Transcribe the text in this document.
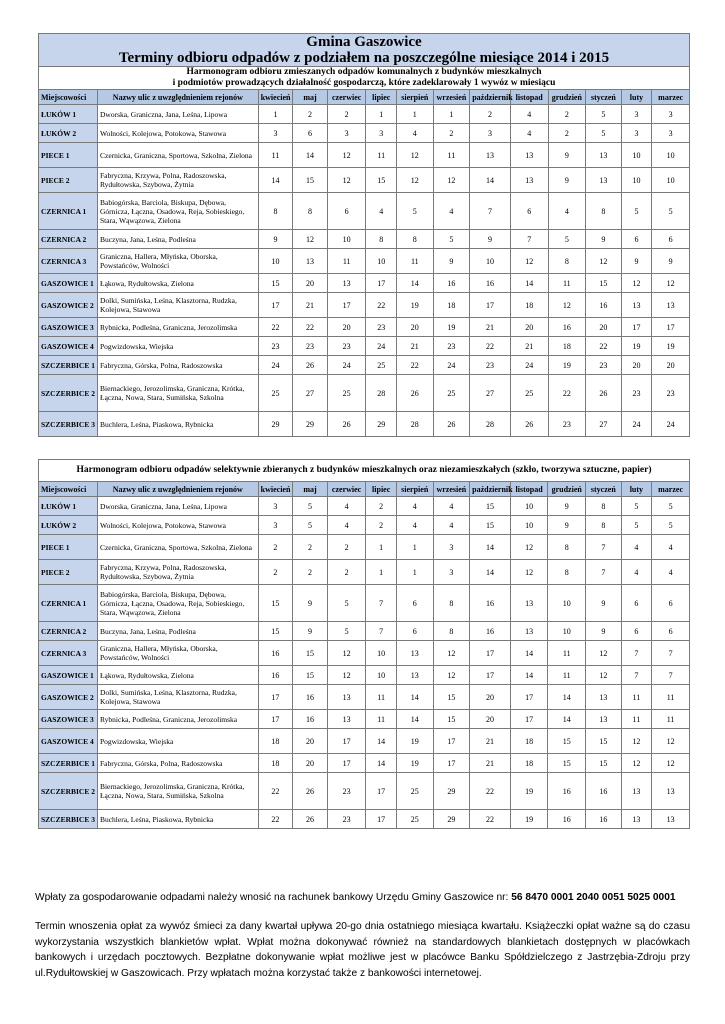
Gmina Gaszowice
Terminy odbioru odpadów z podziałem na poszczególne miesiące 2014 i 2015													

Harmonogram odbioru zmieszanych odpadów komunalnych z budynków mieszkalnych
i podmiotów prowadzących działalność gospodarczą, które zadeklarowały 1 wywóz w miesiącu													

Miejscowości	Nazwy ulic z uwzględnieniem rejonów	kwiecień	maj	czerwiec	lipiec	sierpień	wrzesień	październik	listopad	grudzień	styczeń	luty	marzec
ŁUKÓW 1	Dworska, Graniczna, Jana, Leśna, Lipowa	1	2	2	1	1	1	2	4	2	5	3	3
ŁUKÓW 2	Wolności, Kolejowa, Potokowa, Stawowa	3	6	3	3	4	2	3	4	2	5	3	3
PIECE 1	Czernicka, Graniczna, Sportowa, Szkolna, Zielona	11	14	12	11	12	11	13	13	9	13	10	10
PIECE 2	Fabryczna, Krzywa, Polna, Radoszowska, Rydułtowska, Szybowa, Żytnia	14	15	12	15	12	12	14	13	9	13	10	10
CZERNICA 1	Babiogórska, Barciola, Biskupa, Dębowa, Górnicza, Łączna, Osadowa, Reja, Sobieskiego, Stara, Wąwązowa, Zielona	8	8	6	4	5	4	7	6	4	8	5	5
CZERNICA 2	Buczyna, Jana, Leśna, Podleśna	9	12	10	8	8	5	9	7	5	9	6	6
CZERNICA 3	Graniczna, Hallera, Młyńska, Oborska, Powstańców, Wolności	10	13	11	10	11	9	10	12	8	12	9	9
GASZOWICE 1	Łąkowa, Rydułtowska, Zielona	15	20	13	17	14	16	16	14	11	15	12	12
GASZOWICE 2	Dolki, Sumińska, Leśna, Klasztorna, Rudzka, Kolejowa, Stawowa	17	21	17	22	19	18	17	18	12	16	13	13
GASZOWICE 3	Rybnicka, Podleśna, Graniczna, Jerozolimska	22	22	20	23	20	19	21	20	16	20	17	17
GASZOWICE 4	Pogwizdowska, Wiejska	23	23	23	24	21	23	22	21	18	22	19	19
SZCZERBICE 1	Fabryczna, Górska, Polna, Radoszowska	24	26	24	25	22	24	23	24	19	23	20	20
SZCZERBICE 2	Biernackiego, Jerozolimska, Graniczna, Krótka, Łączna, Nowa, Stara, Sumińska, Szkolna	25	27	25	28	26	25	27	25	22	26	23	23
SZCZERBICE 3	Buchlera, Leśna, Piaskowa, Rybnicka	29	29	26	29	28	26	28	26	23	27	24	24
Harmonogram odbioru odpadów selektywnie zbieranych z budynków mieszkalnych oraz niezamieszkałych (szkło, tworzywa sztuczne, papier)													
Miejscowości	Nazwy ulic z uwzględnieniem rejonów	kwiecień	maj	czerwiec	lipiec	sierpień	wrzesień	październik	listopad	grudzień	styczeń	luty	marzec
ŁUKÓW 1	Dworska, Graniczna, Jana, Leśna, Lipowa	3	5	4	2	4	4	15	10	9	8	5	5
ŁUKÓW 2	Wolności, Kolejowa, Potokowa, Stawowa	3	5	4	2	4	4	15	10	9	8	5	5
PIECE 1	Czernicka, Graniczna, Sportowa, Szkolna, Zielona	2	2	2	1	1	3	14	12	8	7	4	4
PIECE 2	Fabryczna, Krzywa, Polna, Radoszowska, Rydułtowska, Szybowa, Żytnia	2	2	2	1	1	3	14	12	8	7	4	4
CZERNICA 1	Babiogórska, Barciola, Biskupa, Dębowa, Górnicza, Łączna, Osadowa, Reja, Sobieskiego, Stara, Wąwązowa, Zielona	15	9	5	7	6	8	16	13	10	9	6	6
CZERNICA 2	Buczyna, Jana, Leśna, Podleśna	15	9	5	7	6	8	16	13	10	9	6	6
CZERNICA 3	Graniczna, Hallera, Młyńska, Oborska, Powstańców, Wolności	16	15	12	10	13	12	17	14	11	12	7	7
GASZOWICE 1	Łąkowa, Rydułtowska, Zielona	16	15	12	10	13	12	17	14	11	12	7	7
GASZOWICE 2	Dolki, Sumińska, Leśna, Klasztorna, Rudzka, Kolejowa, Stawowa	17	16	13	11	14	15	20	17	14	13	11	11
GASZOWICE 3	Rybnicka, Podleśna, Graniczna, Jerozolimska	17	16	13	11	14	15	20	17	14	13	11	11
GASZOWICE 4	Pogwizdowska, Wiejska	18	20	17	14	19	17	21	18	15	15	12	12
SZCZERBICE 1	Fabryczna, Górska, Polna, Radoszowska	18	20	17	14	19	17	21	18	15	15	12	12
SZCZERBICE 2	Biernackiego, Jerozolimska, Graniczna, Krótka, Łączna, Nowa, Stara, Sumińska, Szkolna	22	26	23	17	25	29	22	19	16	16	13	13
SZCZERBICE 3	Buchlera, Leśna, Piaskowa, Rybnicka	22	26	23	17	25	29	22	19	16	16	13	13

Wpłaty za gospodarowanie odpadami należy wnosić na rachunek bankowy Urzędu Gminy Gaszowice nr: 56 8470 0001 2040 0051 5025 0001

Termin wnoszenia opłat za wywóz śmieci za dany kwartał upływa 20-go dnia ostatniego miesiąca kwartału. Książeczki opłat ważne są do czasu wykorzystania wszystkich blankietów wpłat. Wpłat można dokonywać również na standardowych blankietach dostępnych w placówkach bankowych i urzędach pocztowych. Bezpłatne dokonywanie wpłat możliwe jest w placówce Banku Spółdzielczego z Jastrzębia-Zdroju przy ul.Rydułtowskiej w Gaszowicach. Przy wpłatach można korzystać także z bankowości internetowej.
